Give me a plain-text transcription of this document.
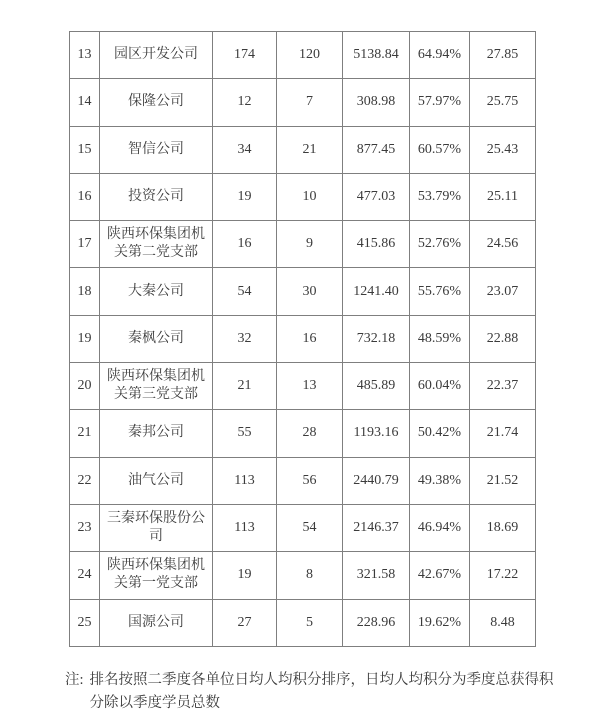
13	园区开发公司	174	120	5138.84	64.94%	27.85
14	保隆公司	12	7	308.98	57.97%	25.75
15	智信公司	34	21	877.45	60.57%	25.43
16	投资公司	19	10	477.03	53.79%	25.11
17	陕西环保集团机关第二党支部	16	9	415.86	52.76%	24.56
18	大秦公司	54	30	1241.40	55.76%	23.07
19	秦枫公司	32	16	732.18	48.59%	22.88
20	陕西环保集团机关第三党支部	21	13	485.89	60.04%	22.37
21	秦邦公司	55	28	1193.16	50.42%	21.74
22	油气公司	113	56	2440.79	49.38%	21.52
23	三秦环保股份公司	113	54	2146.37	46.94%	18.69
24	陕西环保集团机关第一党支部	19	8	321.58	42.67%	17.22
25	国源公司	27	5	228.96	19.62%	8.48
注: 排名按照二季度各单位日均人均积分排序，日均人均积分为季度总获得积分除以季度学员总数
